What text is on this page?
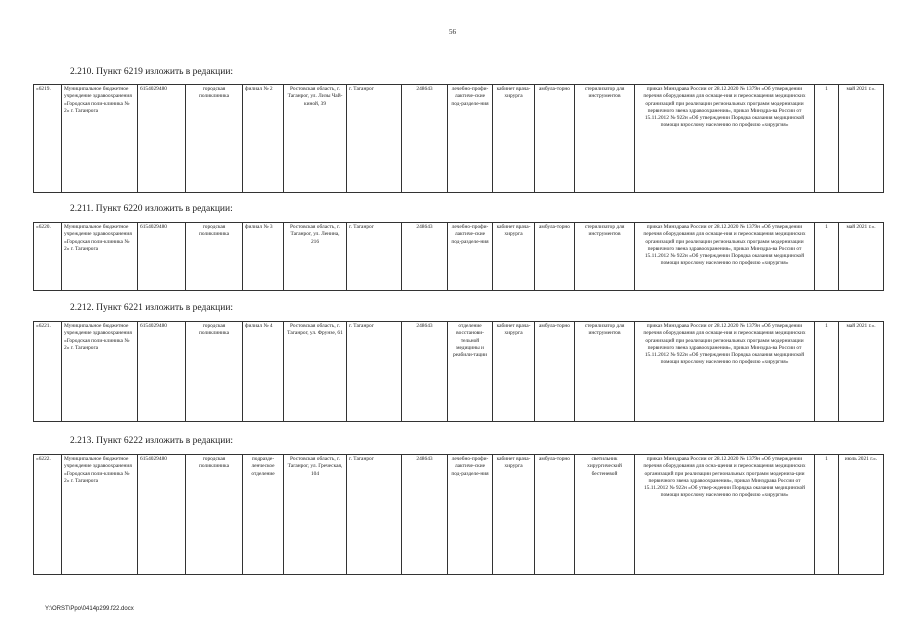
56
2.210. Пункт 6219 изложить в редакции:
«6219.	Муниципальное бюджетное учреждение здравоохранения «Городская поли-клиника № 2» г. Таганрога	6154029480	городская поликлиника	филиал № 2	Ростовская область, г. Таганрог, ул. Лизы Чай-киной, 39	г. Таганрог	248643	лечебно-профи-лактиче-ские под-разделе-ния	кабинет врача-хирурга	амбула-торно	стерилизатор для инструментов	приказ Минздрава России от 28.12.2020 № 1379н «Об утверждении перечня оборудования для оснаще-ния и переоснащения медицинских организаций при реализации региональных программ модернизации первичного звена здравоохранения», приказ Минздра-ва России от 15.11.2012 № 922н «Об утверждении Порядка оказания медицинской помощи взрослому населению по профилю «хирургия»	1	май 2021 г.».
2.211. Пункт 6220 изложить в редакции:
«6220.	Муниципальное бюджетное учреждение здравоохранения «Городская поли-клиника № 2» г. Таганрога	6154029480	городская поликлиника	филиал № 3	Ростовская область, г. Таганрог, ул. Ленина, 216	г. Таганрог	248643	лечебно-профи-лактиче-ские под-разделе-ния	кабинет врача-хирурга	амбула-торно	стерилизатор для инструментов	приказ Минздрава России от 28.12.2020 № 1379н «Об утверждении перечня оборудования для оснаще-ния и переоснащения медицинских организаций при реализации региональных программ модернизации первичного звена здравоохранения», приказ Минздра-ва России от 15.11.2012 № 922н «Об утверждении Порядка оказания медицинской помощи взрослому населению по профилю «хирургия»	1	май 2021 г.».
2.212. Пункт 6221 изложить в редакции:
«6221.	Муниципальное бюджетное учреждение здравоохранения «Городская поли-клиника № 2» г. Таганрога	6154029480	городская поликлиника	филиал № 4	Ростовская область, г. Таганрог, ул. Фрунзе, 61	г. Таганрог	248643	отделение восстанови-тельной медицины и реабили-тации	кабинет врача-хирурга	амбула-торно	стерилизатор для инструментов	приказ Минздрава России от 28.12.2020 № 1379н «Об утверждении перечня оборудования для оснаще-ния и переоснащения медицинских организаций при реализации региональных программ модернизации первичного звена здравоохранения», приказ Минздра-ва России от 15.11.2012 № 922н «Об утверждении Порядка оказания медицинской помощи взрослому населению по профилю «хирургия»	1	май 2021 г.».
2.213. Пункт 6222 изложить в редакции:
«6222.	Муниципальное бюджетное учреждение здравоохранения «Городская поли-клиника № 2» г. Таганрога	6154029480	городская поликлиника	подразде-ленческое отделение	Ростовская область, г. Таганрог, ул. Греческая, 104	г. Таганрог	248643	лечебно-профи-лактиче-ские под-разделе-ния	кабинет врача-хирурга	амбула-торно	светильник хирургический бестеневой	приказ Минздрава России от 28.12.2020 № 1379н «Об утверждении перечня оборудования для осна-щения и переоснащения медицинских организаций при реализации региональных программ модерниза-ции первичного звена здравоохранения», приказ Минздрава России от 15.11.2012 № 922н «Об утвер-ждении Порядка оказания медицинской помощи взрослому населению по профилю «хирургия»	1	июль 2021 г.».
Y:\ORST\Ppo\0414p299.f22.docx
